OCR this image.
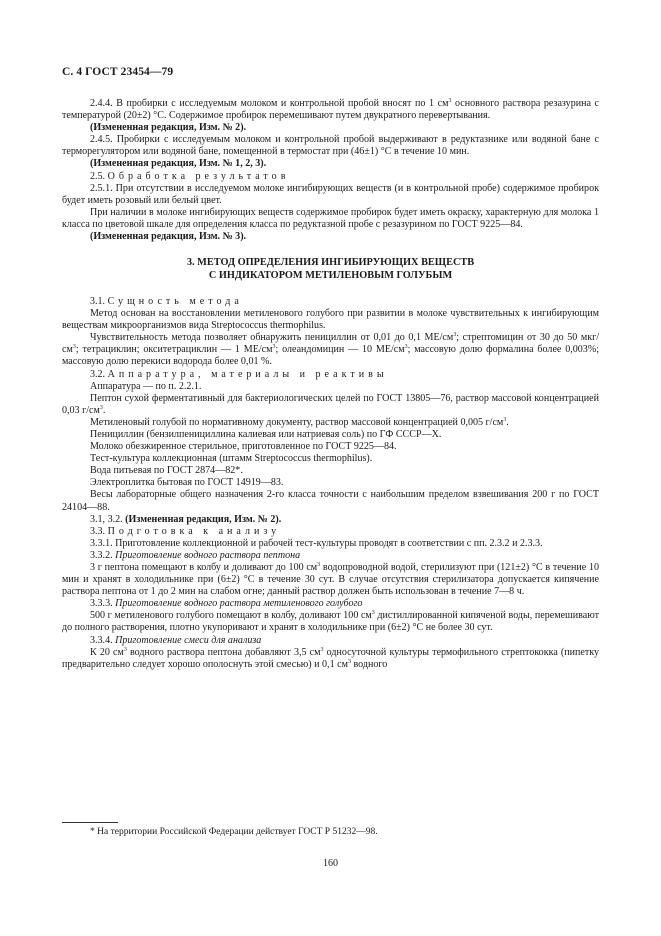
С. 4 ГОСТ 23454—79

2.4.4. В пробирки с исследуемым молоком и контрольной пробой вносят по 1 $см^3$ основного раствора резазурина с температурой (20±2) °С. Содержимое пробирок перемешивают путем двукратного перевертывания.

(Измененная редакция, Изм. № 2).

2.4.5. Пробирки с исследуемым молоком и контрольной пробой выдерживают в редуктазнике или водяной бане с терморегулятором или водяной бане, помещенной в термостат при (46±1) °С в течение 10 мин.

(Измененная редакция, Изм. № 1, 2, 3).

2.5. Обработка результатов

2.5.1. При отсутствии в исследуемом молоке ингибирующих веществ (и в контрольной пробе) содержимое пробирок будет иметь розовый или белый цвет.

При наличии в молоке ингибирующих веществ содержимое пробирок будет иметь окраску, характерную для молока 1 класса по цветовой шкале для определения класса по редуктазной пробе с резазурином по ГОСТ 9225—84.

(Измененная редакция, Изм. № 3).

3. МЕТОД ОПРЕДЕЛЕНИЯ ИНГИБИРУЮЩИХ ВЕЩЕСТВ
С ИНДИКАТОРОМ МЕТИЛЕНОВЫМ ГОЛУБЫМ

3.1. Сущность метода

Метод основан на восстановлении метиленового голубого при развитии в молоке чувствительных к ингибирующим веществам микроорганизмов вида Streptococcus thermophilus.

Чувствительность метода позволяет обнаружить пенициллин от 0,01 до 0,1 $МЕ/см^3$; стрептомицин от 30 до 50 мкг/$см^3$; тетрациклин; окситетрациклин — 1 $МЕ/см^3$; олеандомицин — 10 $МЕ/см^3$; массовую долю формалина более 0,003%; массовую долю перекиси водорода более 0,01 %.

3.2. Аппаратура, материалы и реактивы

Аппаратура — по п. 2.2.1.

Пептон сухой ферментативный для бактериологических целей по ГОСТ 13805—76, раствор массовой концентрацией 0,03 $г/см^3$.

Метиленовый голубой по нормативному документу, раствор массовой концентрацией 0,005 $г/см^3$.

Пенициллин (бензилпенициллина калиевая или натриевая соль) по ГФ СССР—X.

Молоко обезжиренное стерильное, приготовленное по ГОСТ 9225—84.

Тест-культура коллекционная (штамм Streptococcus thermophilus).

Вода питьевая по ГОСТ 2874—82*.

Электроплитка бытовая по ГОСТ 14919—83.

Весы лабораторные общего назначения 2-го класса точности с наибольшим пределом взвешивания 200 г по ГОСТ 24104—88.

3.1, 3.2. (Измененная редакция, Изм. № 2).

3.3. Подготовка к анализу

3.3.1. Приготовление коллекционной и рабочей тест-культуры проводят в соответствии с пп. 2.3.2 и 2.3.3.

3.3.2. Приготовление водного раствора пептона

3 г пептона помещают в колбу и доливают до 100 $см^3$ водопроводной водой, стерилизуют при (121±2) °С в течение 10 мин и хранят в холодильнике при (6±2) °С в течение 30 сут. В случае отсутствия стерилизатора допускается кипячение раствора пептона от 1 до 2 мин на слабом огне; данный раствор должен быть использован в течение 7—8 ч.

3.3.3. Приготовление водного раствора метиленового голубого

500 г метиленового голубого помещают в колбу, доливают 100 $см^3$ дистиллированной кипяченой воды, перемешивают до полного растворения, плотно укупоривают и хранят в холодильнике при (6±2) °С не более 30 сут.

3.3.4. Приготовление смеси для анализа

К 20 $см^3$ водного раствора пептона добавляют 3,5 $см^3$ односуточной культуры термофильного стрептококка (пипетку предварительно следует хорошо ополоснуть этой смесью) и 0,1 $см^3$ водного

* На территории Российской Федерации действует ГОСТ Р 51232—98.
160
